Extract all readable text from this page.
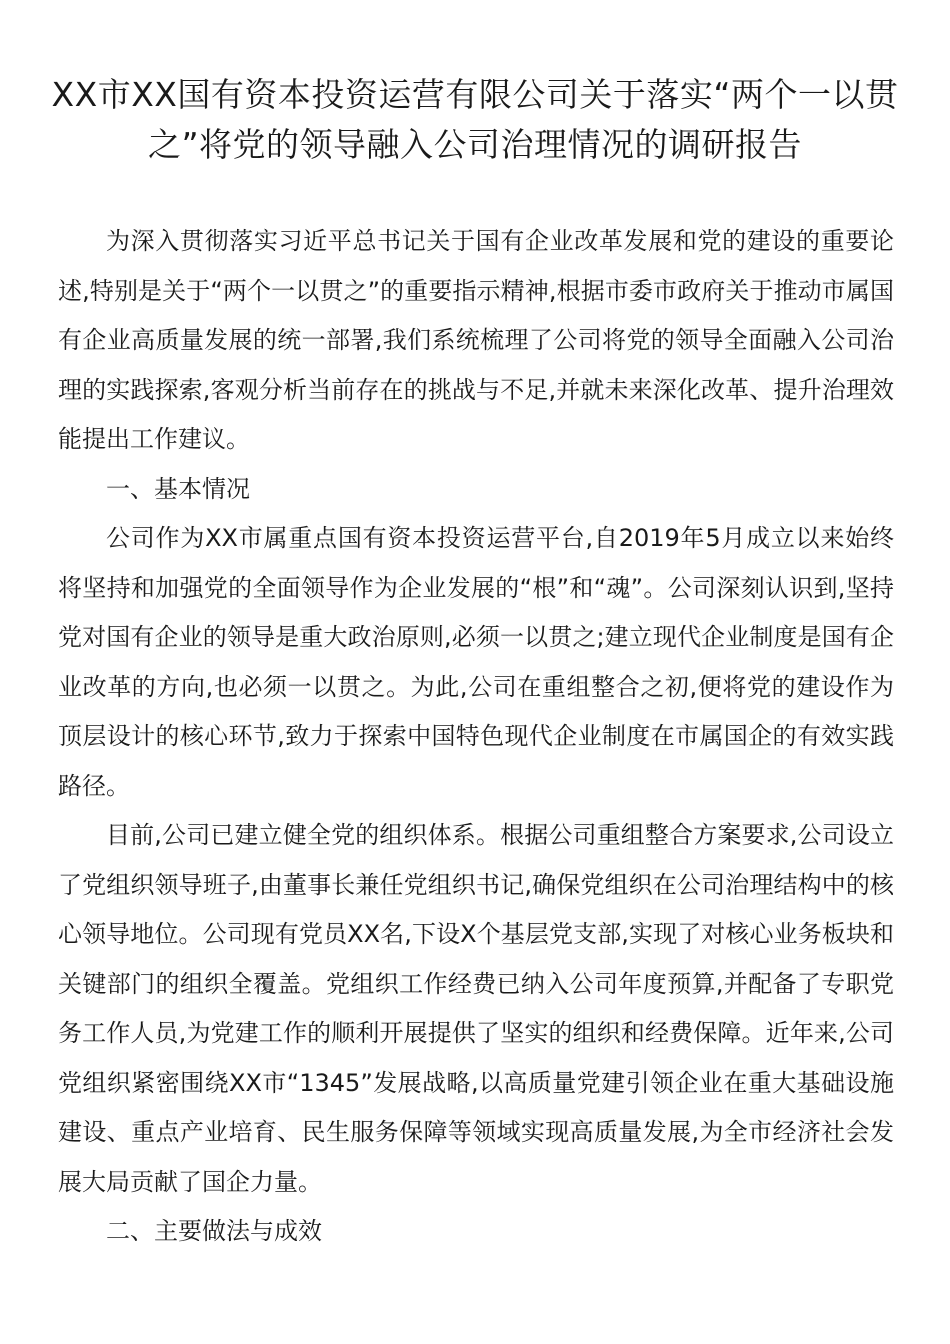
XX市XX国有资本投资运营有限公司关于落实“两个一以贯之”将党的领导融入公司治理情况的调研报告

为深入贯彻落实习近平总书记关于国有企业改革发展和党的建设的重要论述,特别是关于“两个一以贯之”的重要指示精神,根据市委市政府关于推动市属国有企业高质量发展的统一部署,我们系统梳理了公司将党的领导全面融入公司治理的实践探索,客观分析当前存在的挑战与不足,并就未来深化改革、提升治理效能提出工作建议。

一、基本情况

公司作为XX市属重点国有资本投资运营平台,自2019年5月成立以来始终将坚持和加强党的全面领导作为企业发展的“根”和“魂”。公司深刻认识到,坚持党对国有企业的领导是重大政治原则,必须一以贯之;建立现代企业制度是国有企业改革的方向,也必须一以贯之。为此,公司在重组整合之初,便将党的建设作为顶层设计的核心环节,致力于探索中国特色现代企业制度在市属国企的有效实践路径。

目前,公司已建立健全党的组织体系。根据公司重组整合方案要求,公司设立了党组织领导班子,由董事长兼任党组织书记,确保党组织在公司治理结构中的核心领导地位。公司现有党员XX名,下设X个基层党支部,实现了对核心业务板块和关键部门的组织全覆盖。党组织工作经费已纳入公司年度预算,并配备了专职党务工作人员,为党建工作的顺利开展提供了坚实的组织和经费保障。近年来,公司党组织紧密围绕XX市“1345”发展战略,以高质量党建引领企业在重大基础设施建设、重点产业培育、民生服务保障等领域实现高质量发展,为全市经济社会发展大局贡献了国企力量。

二、主要做法与成效
